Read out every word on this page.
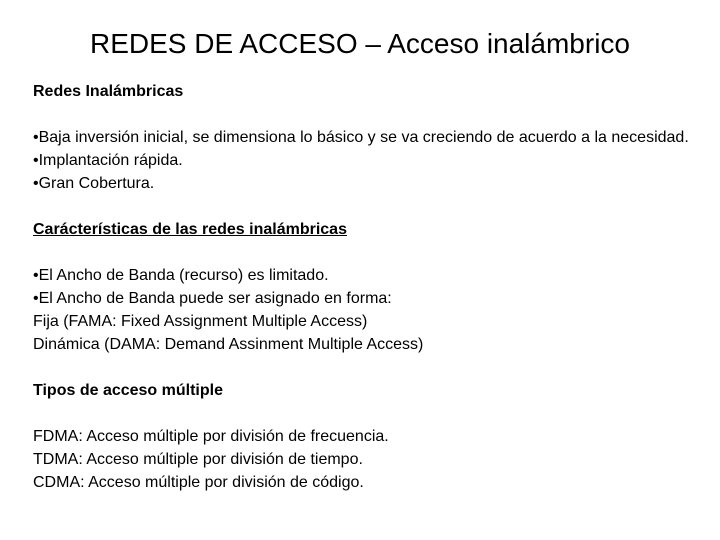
REDES DE ACCESO – Acceso inalámbrico
Redes Inalámbricas
•Baja inversión inicial, se dimensiona lo básico y se va creciendo de acuerdo a la necesidad.
•Implantación rápida.
•Gran Cobertura.
Carácterísticas de las redes inalámbricas
•El Ancho de Banda (recurso) es limitado.
•El Ancho de Banda puede ser asignado en forma:
Fija (FAMA: Fixed Assignment Multiple Access)
Dinámica (DAMA: Demand Assinment Multiple Access)
Tipos de acceso múltiple
FDMA: Acceso múltiple por división de frecuencia.
TDMA: Acceso múltiple por división de tiempo.
CDMA: Acceso múltiple por división de código.
